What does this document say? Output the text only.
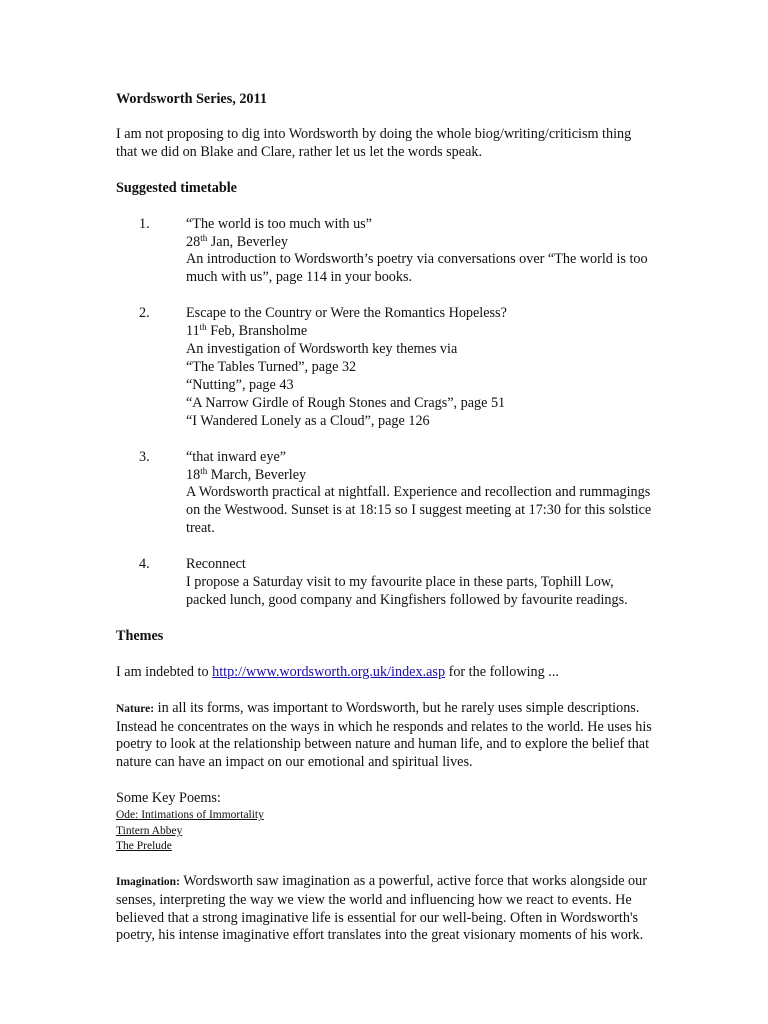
Wordsworth Series, 2011

I am not proposing to dig into Wordsworth by doing the whole biog/writing/criticism thing that we did on Blake and Clare, rather let us let the words speak.

Suggested timetable

1.	“The world is too much with us”
28th Jan, Beverley
An introduction to Wordsworth’s poetry via conversations over “The world is too much with us”, page 114 in your books.
2.	Escape to the Country or Were the Romantics Hopeless?
11th Feb, Bransholme
An investigation of Wordsworth key themes via
“The Tables Turned”, page 32
“Nutting”, page 43
“A Narrow Girdle of Rough Stones and Crags”, page 51
“I Wandered Lonely as a Cloud”, page 126
3.	“that inward eye”
18th March, Beverley
A Wordsworth practical at nightfall. Experience and recollection and rummagings on the Westwood. Sunset is at 18:15 so I suggest meeting at 17:30 for this solstice treat.
4.	Reconnect
I propose a Saturday visit to my favourite place in these parts, Tophill Low, packed lunch, good company and Kingfishers followed by favourite readings.

Themes

I am indebted to http://www.wordsworth.org.uk/index.asp for the following ...

Nature: in all its forms, was important to Wordsworth, but he rarely uses simple descriptions. Instead he concentrates on the ways in which he responds and relates to the world. He uses his poetry to look at the relationship between nature and human life, and to explore the belief that nature can have an impact on our emotional and spiritual lives.

Some Key Poems:

Ode: Intimations of Immortality
Tintern Abbey
The Prelude

Imagination: Wordsworth saw imagination as a powerful, active force that works alongside our senses, interpreting the way we view the world and influencing how we react to events. He believed that a strong imaginative life is essential for our well-being. Often in Wordsworth's poetry, his intense imaginative effort translates into the great visionary moments of his work.
